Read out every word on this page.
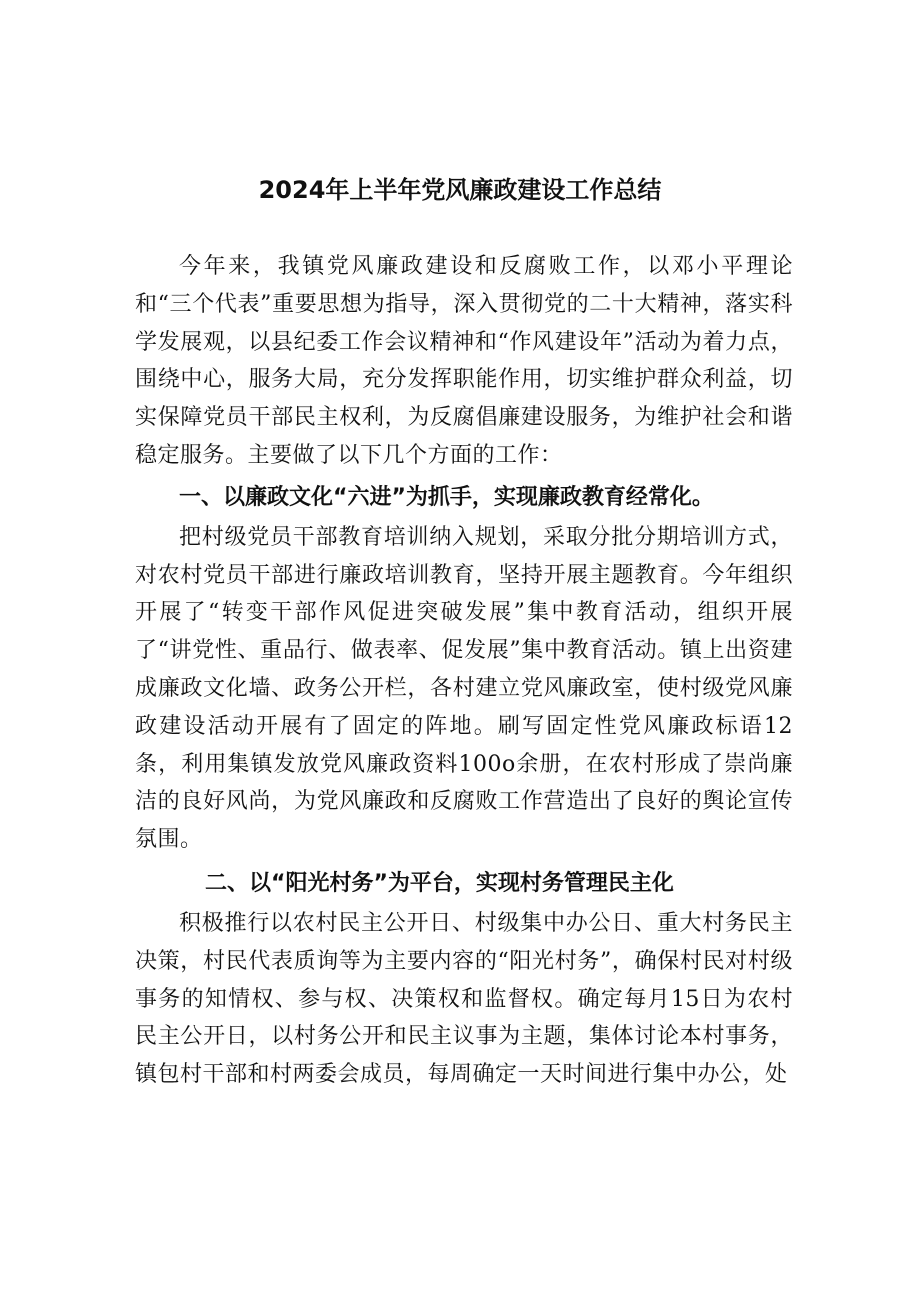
2024年上半年党风廉政建设工作总结

今年来，我镇党风廉政建设和反腐败工作，以邓小平理论和“三个代表”重要思想为指导，深入贯彻党的二十大精神，落实科学发展观，以县纪委工作会议精神和“作风建设年”活动为着力点，围绕中心，服务大局，充分发挥职能作用，切实维护群众利益，切实保障党员干部民主权利，为反腐倡廉建设服务，为维护社会和谐稳定服务。主要做了以下几个方面的工作：

一、以廉政文化“六进”为抓手，实现廉政教育经常化。

把村级党员干部教育培训纳入规划，采取分批分期培训方式，对农村党员干部进行廉政培训教育，坚持开展主题教育。今年组织开展了“转变干部作风促进突破发展”集中教育活动，组织开展了“讲党性、重品行、做表率、促发展”集中教育活动。镇上出资建成廉政文化墙、政务公开栏，各村建立党风廉政室，使村级党风廉政建设活动开展有了固定的阵地。刷写固定性党风廉政标语12条，利用集镇发放党风廉政资料100o余册，在农村形成了崇尚廉洁的良好风尚，为党风廉政和反腐败工作营造出了良好的舆论宣传氛围。

二、以“阳光村务”为平台，实现村务管理民主化

积极推行以农村民主公开日、村级集中办公日、重大村务民主决策，村民代表质询等为主要内容的“阳光村务”，确保村民对村级事务的知情权、参与权、决策权和监督权。确定每月15日为农村民主公开日，以村务公开和民主议事为主题，集体讨论本村事务，镇包村干部和村两委会成员，每周确定一天时间进行集中办公，处
